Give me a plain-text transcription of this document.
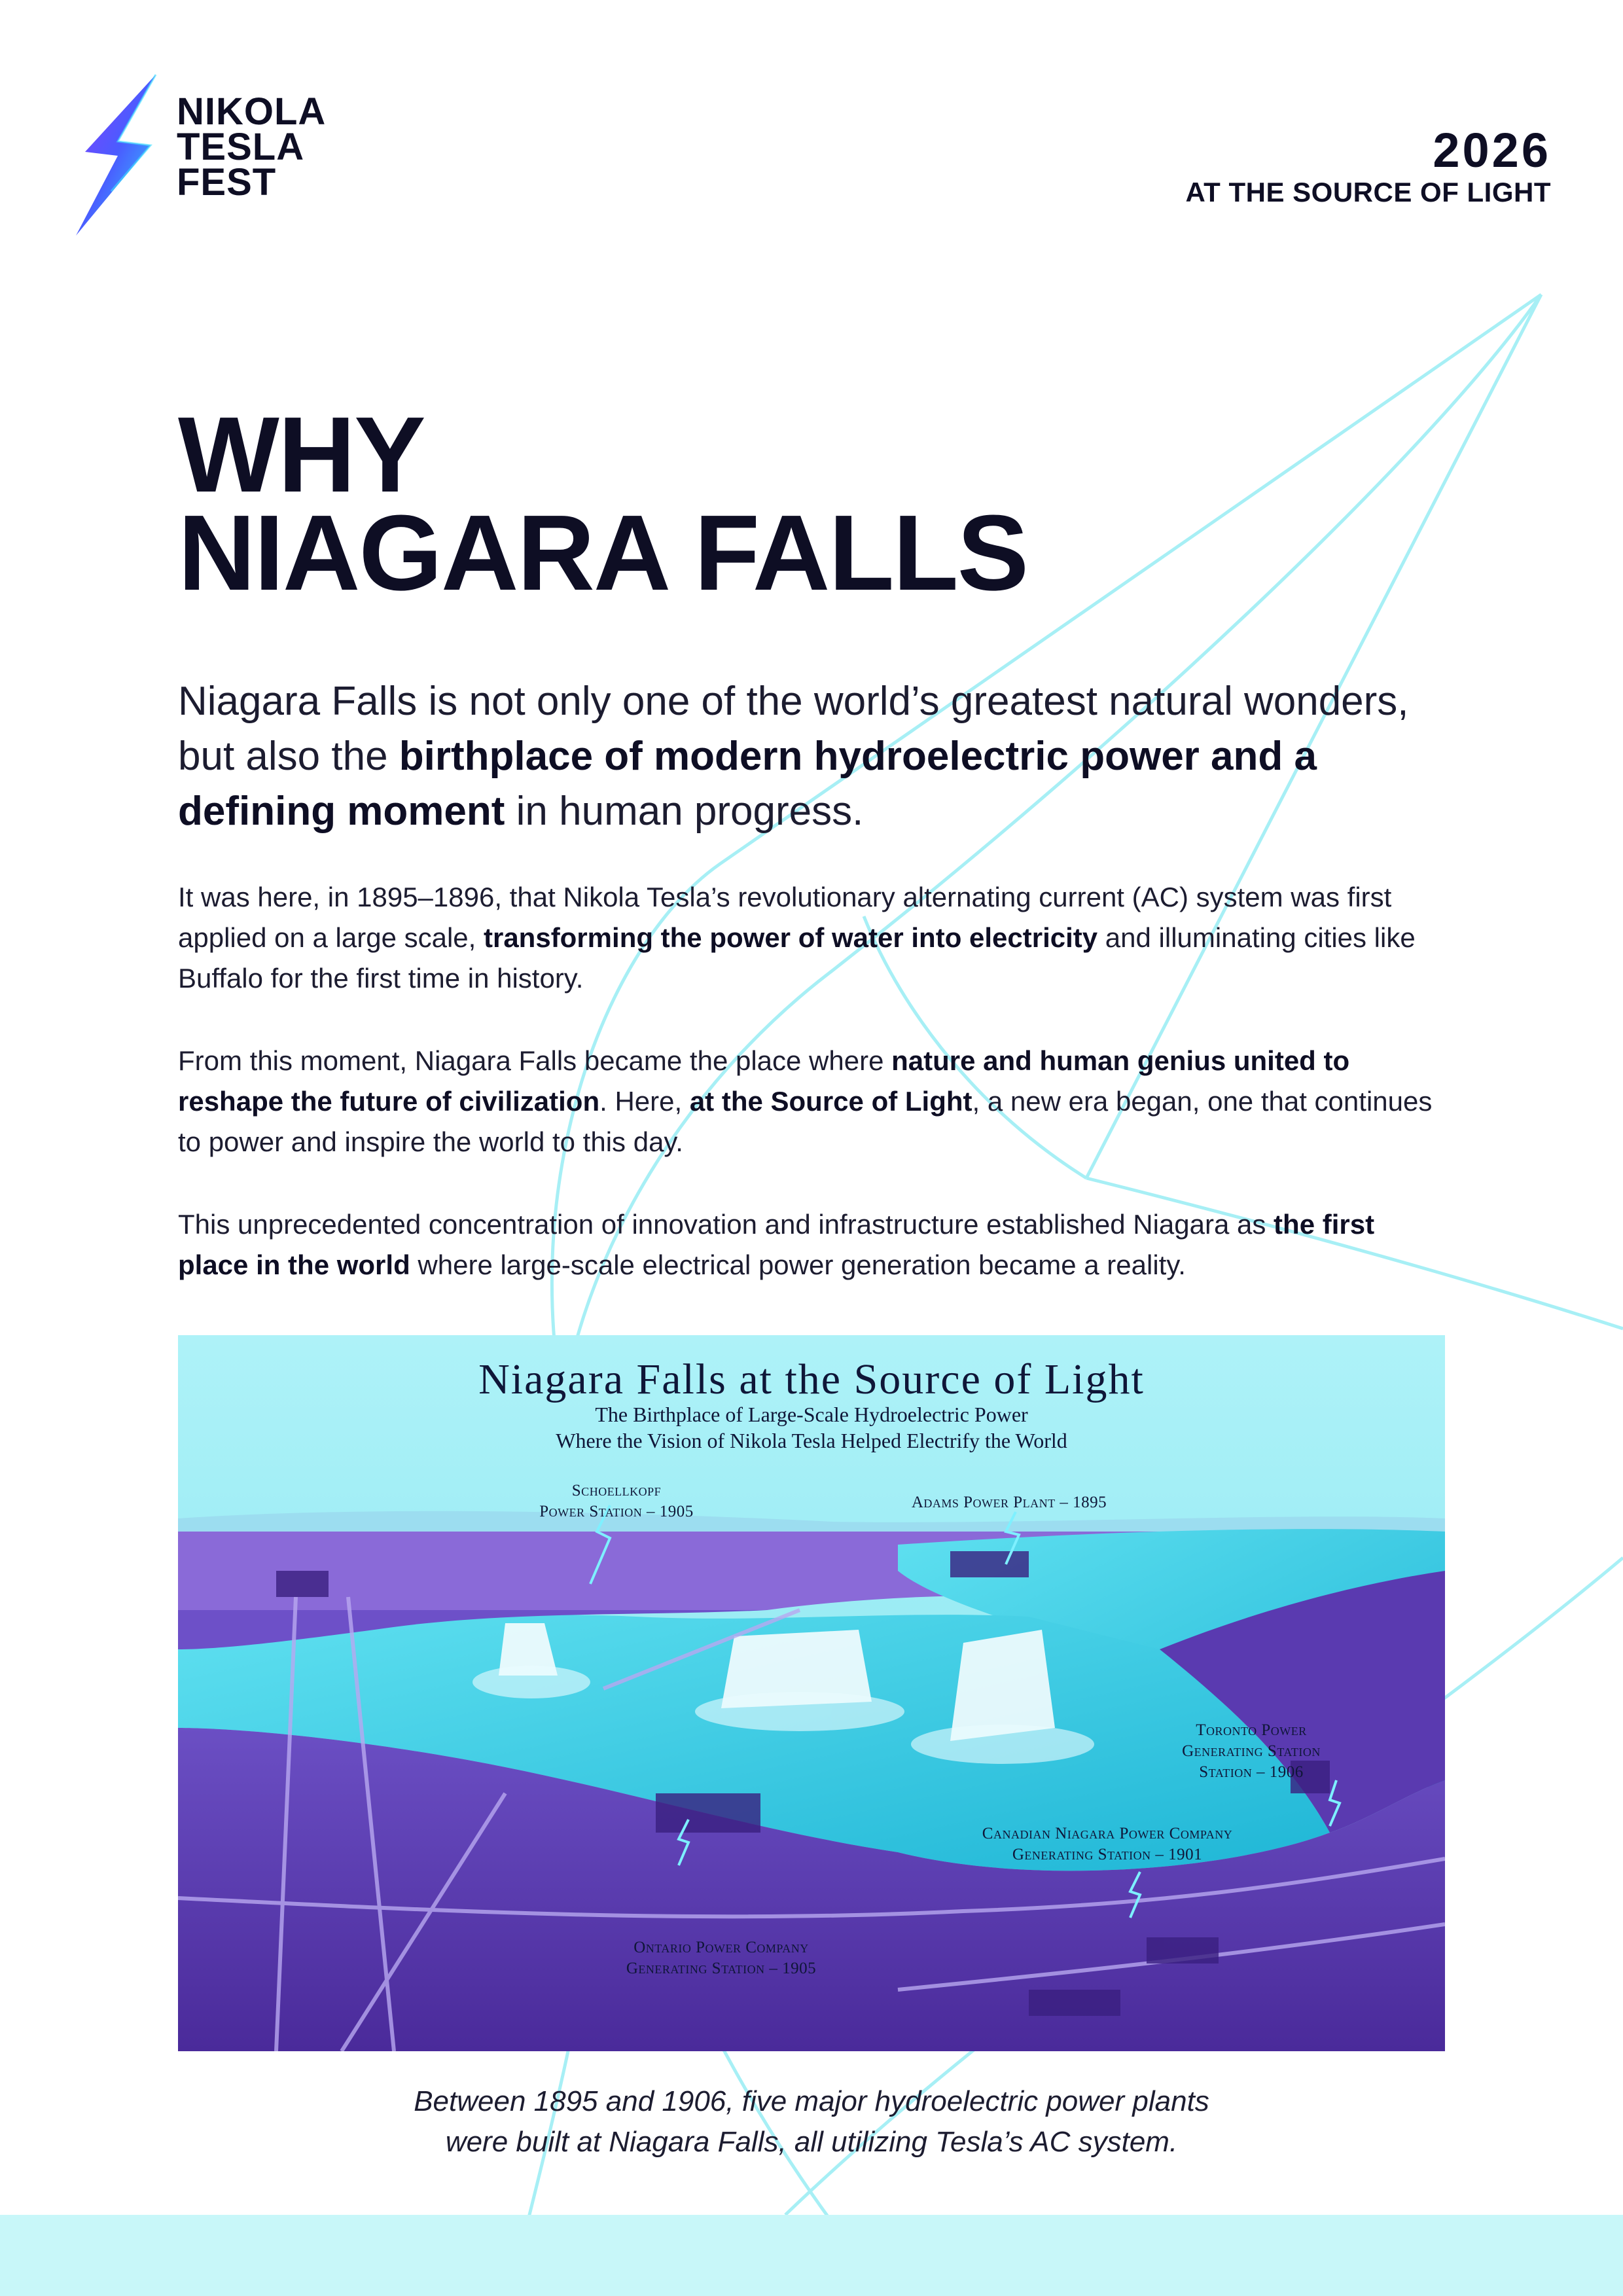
NIKOLA
TESLA
FEST
2026
AT THE SOURCE OF LIGHT
WHY
NIAGARA FALLS

Niagara Falls is not only one of the world’s greatest natural wonders, but also the birthplace of modern hydroelectric power and a defining moment in human progress.

It was here, in 1895–1896, that Nikola Tesla’s revolutionary alternating current (AC) system was first applied on a large scale, transforming the power of water into electricity and illuminating cities like Buffalo for the first time in history.

From this moment, Niagara Falls became the place where nature and human genius united to reshape the future of civilization. Here, at the Source of Light, a new era began, one that continues to power and inspire the world to this day.

This unprecedented concentration of innovation and infrastructure established Niagara as the first place in the world where large-scale electrical power generation became a reality.

Niagara Falls at the Source of Light
The Birthplace of Large-Scale Hydroelectric Power
Where the Vision of Nikola Tesla Helped Electrify the World
Schoellkopf
Power Station – 1905
Adams Power Plant – 1895
Toronto Power
Generating Station
Station – 1906
Canadian Niagara Power Company
Generating Station – 1901
Ontario Power Company
Generating Station – 1905

Between 1895 and 1906, five major hydroelectric power plants
were built at Niagara Falls, all utilizing Tesla’s AC system.
